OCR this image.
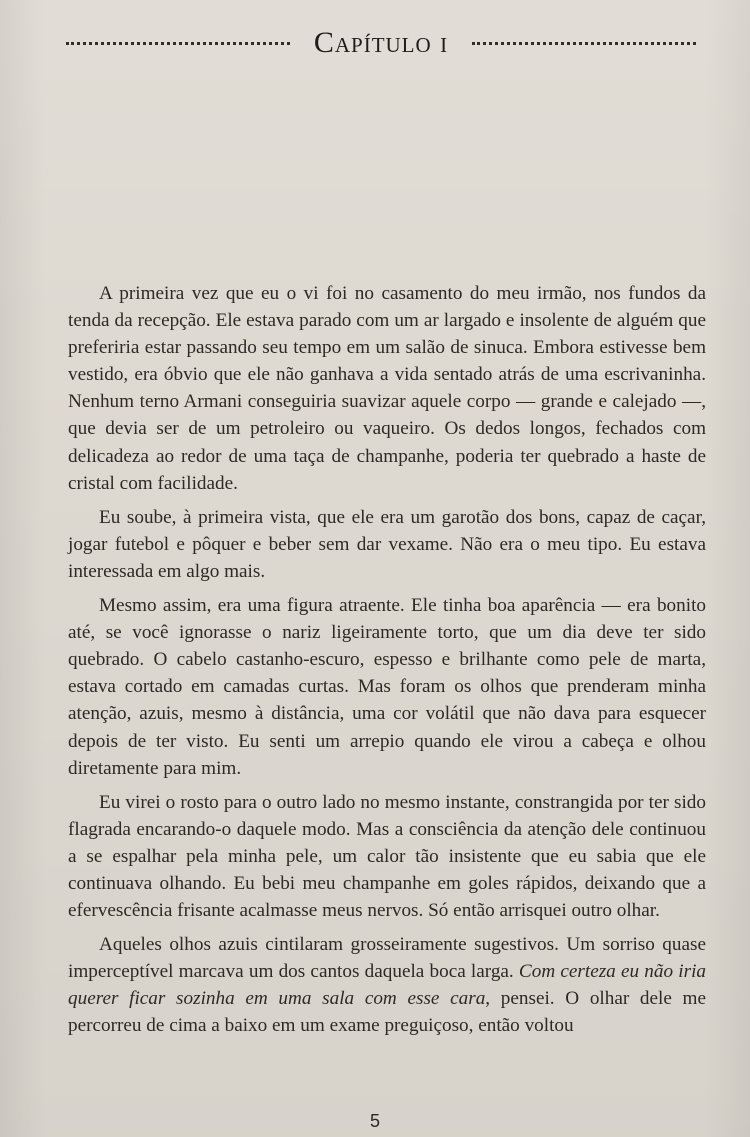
Capítulo i

A primeira vez que eu o vi foi no casamento do meu irmão, nos fundos da tenda da recepção. Ele estava parado com um ar largado e insolente de alguém que preferiria estar passando seu tempo em um salão de sinuca. Embora estivesse bem vestido, era óbvio que ele não ganhava a vida sentado atrás de uma escrivaninha. Nenhum terno Armani conseguiria suavizar aquele corpo — grande e calejado —, que devia ser de um petroleiro ou vaqueiro. Os dedos longos, fechados com delicadeza ao redor de uma taça de champanhe, poderia ter quebrado a haste de cristal com facilidade.

Eu soube, à primeira vista, que ele era um garotão dos bons, capaz de caçar, jogar futebol e pôquer e beber sem dar vexame. Não era o meu tipo. Eu estava interessada em algo mais.

Mesmo assim, era uma figura atraente. Ele tinha boa aparência — era bonito até, se você ignorasse o nariz ligeiramente torto, que um dia deve ter sido quebrado. O cabelo castanho-escuro, espesso e brilhante como pele de marta, estava cortado em camadas curtas. Mas foram os olhos que prenderam minha atenção, azuis, mesmo à distância, uma cor volátil que não dava para esquecer depois de ter visto. Eu senti um arrepio quando ele virou a cabeça e olhou diretamente para mim.

Eu virei o rosto para o outro lado no mesmo instante, constrangida por ter sido flagrada encarando-o daquele modo. Mas a consciência da atenção dele continuou a se espalhar pela minha pele, um calor tão insistente que eu sabia que ele continuava olhando. Eu bebi meu champanhe em goles rápidos, deixando que a efervescência frisante acalmasse meus nervos. Só então arrisquei outro olhar.

Aqueles olhos azuis cintilaram grosseiramente sugestivos. Um sorriso quase imperceptível marcava um dos cantos daquela boca larga. Com certeza eu não iria querer ficar sozinha em uma sala com esse cara, pensei. O olhar dele me percorreu de cima a baixo em um exame preguiçoso, então voltou

5
